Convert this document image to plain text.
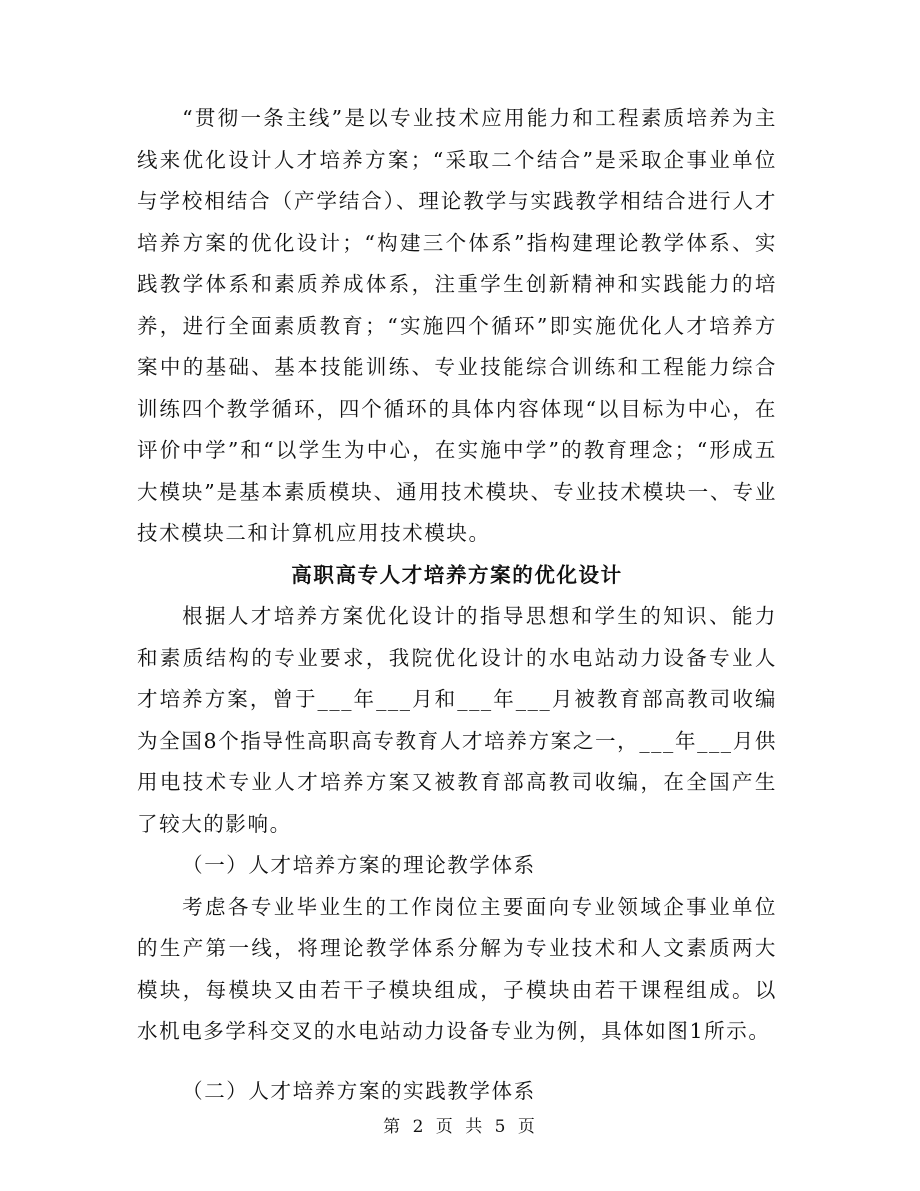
“贯彻一条主线”是以专业技术应用能力和工程素质培养为主线来优化设计人才培养方案；“采取二个结合”是采取企事业单位与学校相结合（产学结合）、理论教学与实践教学相结合进行人才培养方案的优化设计；“构建三个体系”指构建理论教学体系、实践教学体系和素质养成体系，注重学生创新精神和实践能力的培养，进行全面素质教育；“实施四个循环”即实施优化人才培养方案中的基础、基本技能训练、专业技能综合训练和工程能力综合训练四个教学循环，四个循环的具体内容体现“以目标为中心，在评价中学”和“以学生为中心，在实施中学”的教育理念；“形成五大模块”是基本素质模块、通用技术模块、专业技术模块一、专业技术模块二和计算机应用技术模块。

高职高专人才培养方案的优化设计

根据人才培养方案优化设计的指导思想和学生的知识、能力和素质结构的专业要求，我院优化设计的水电站动力设备专业人才培养方案，曾于___年___月和___年___月被教育部高教司收编为全国8个指导性高职高专教育人才培养方案之一，___年___月供用电技术专业人才培养方案又被教育部高教司收编，在全国产生了较大的影响。

（一）人才培养方案的理论教学体系

考虑各专业毕业生的工作岗位主要面向专业领域企事业单位的生产第一线，将理论教学体系分解为专业技术和人文素质两大模块，每模块又由若干子模块组成，子模块由若干课程组成。以水机电多学科交叉的水电站动力设备专业为例，具体如图1所示。

（二）人才培养方案的实践教学体系

第 2 页 共 5 页
